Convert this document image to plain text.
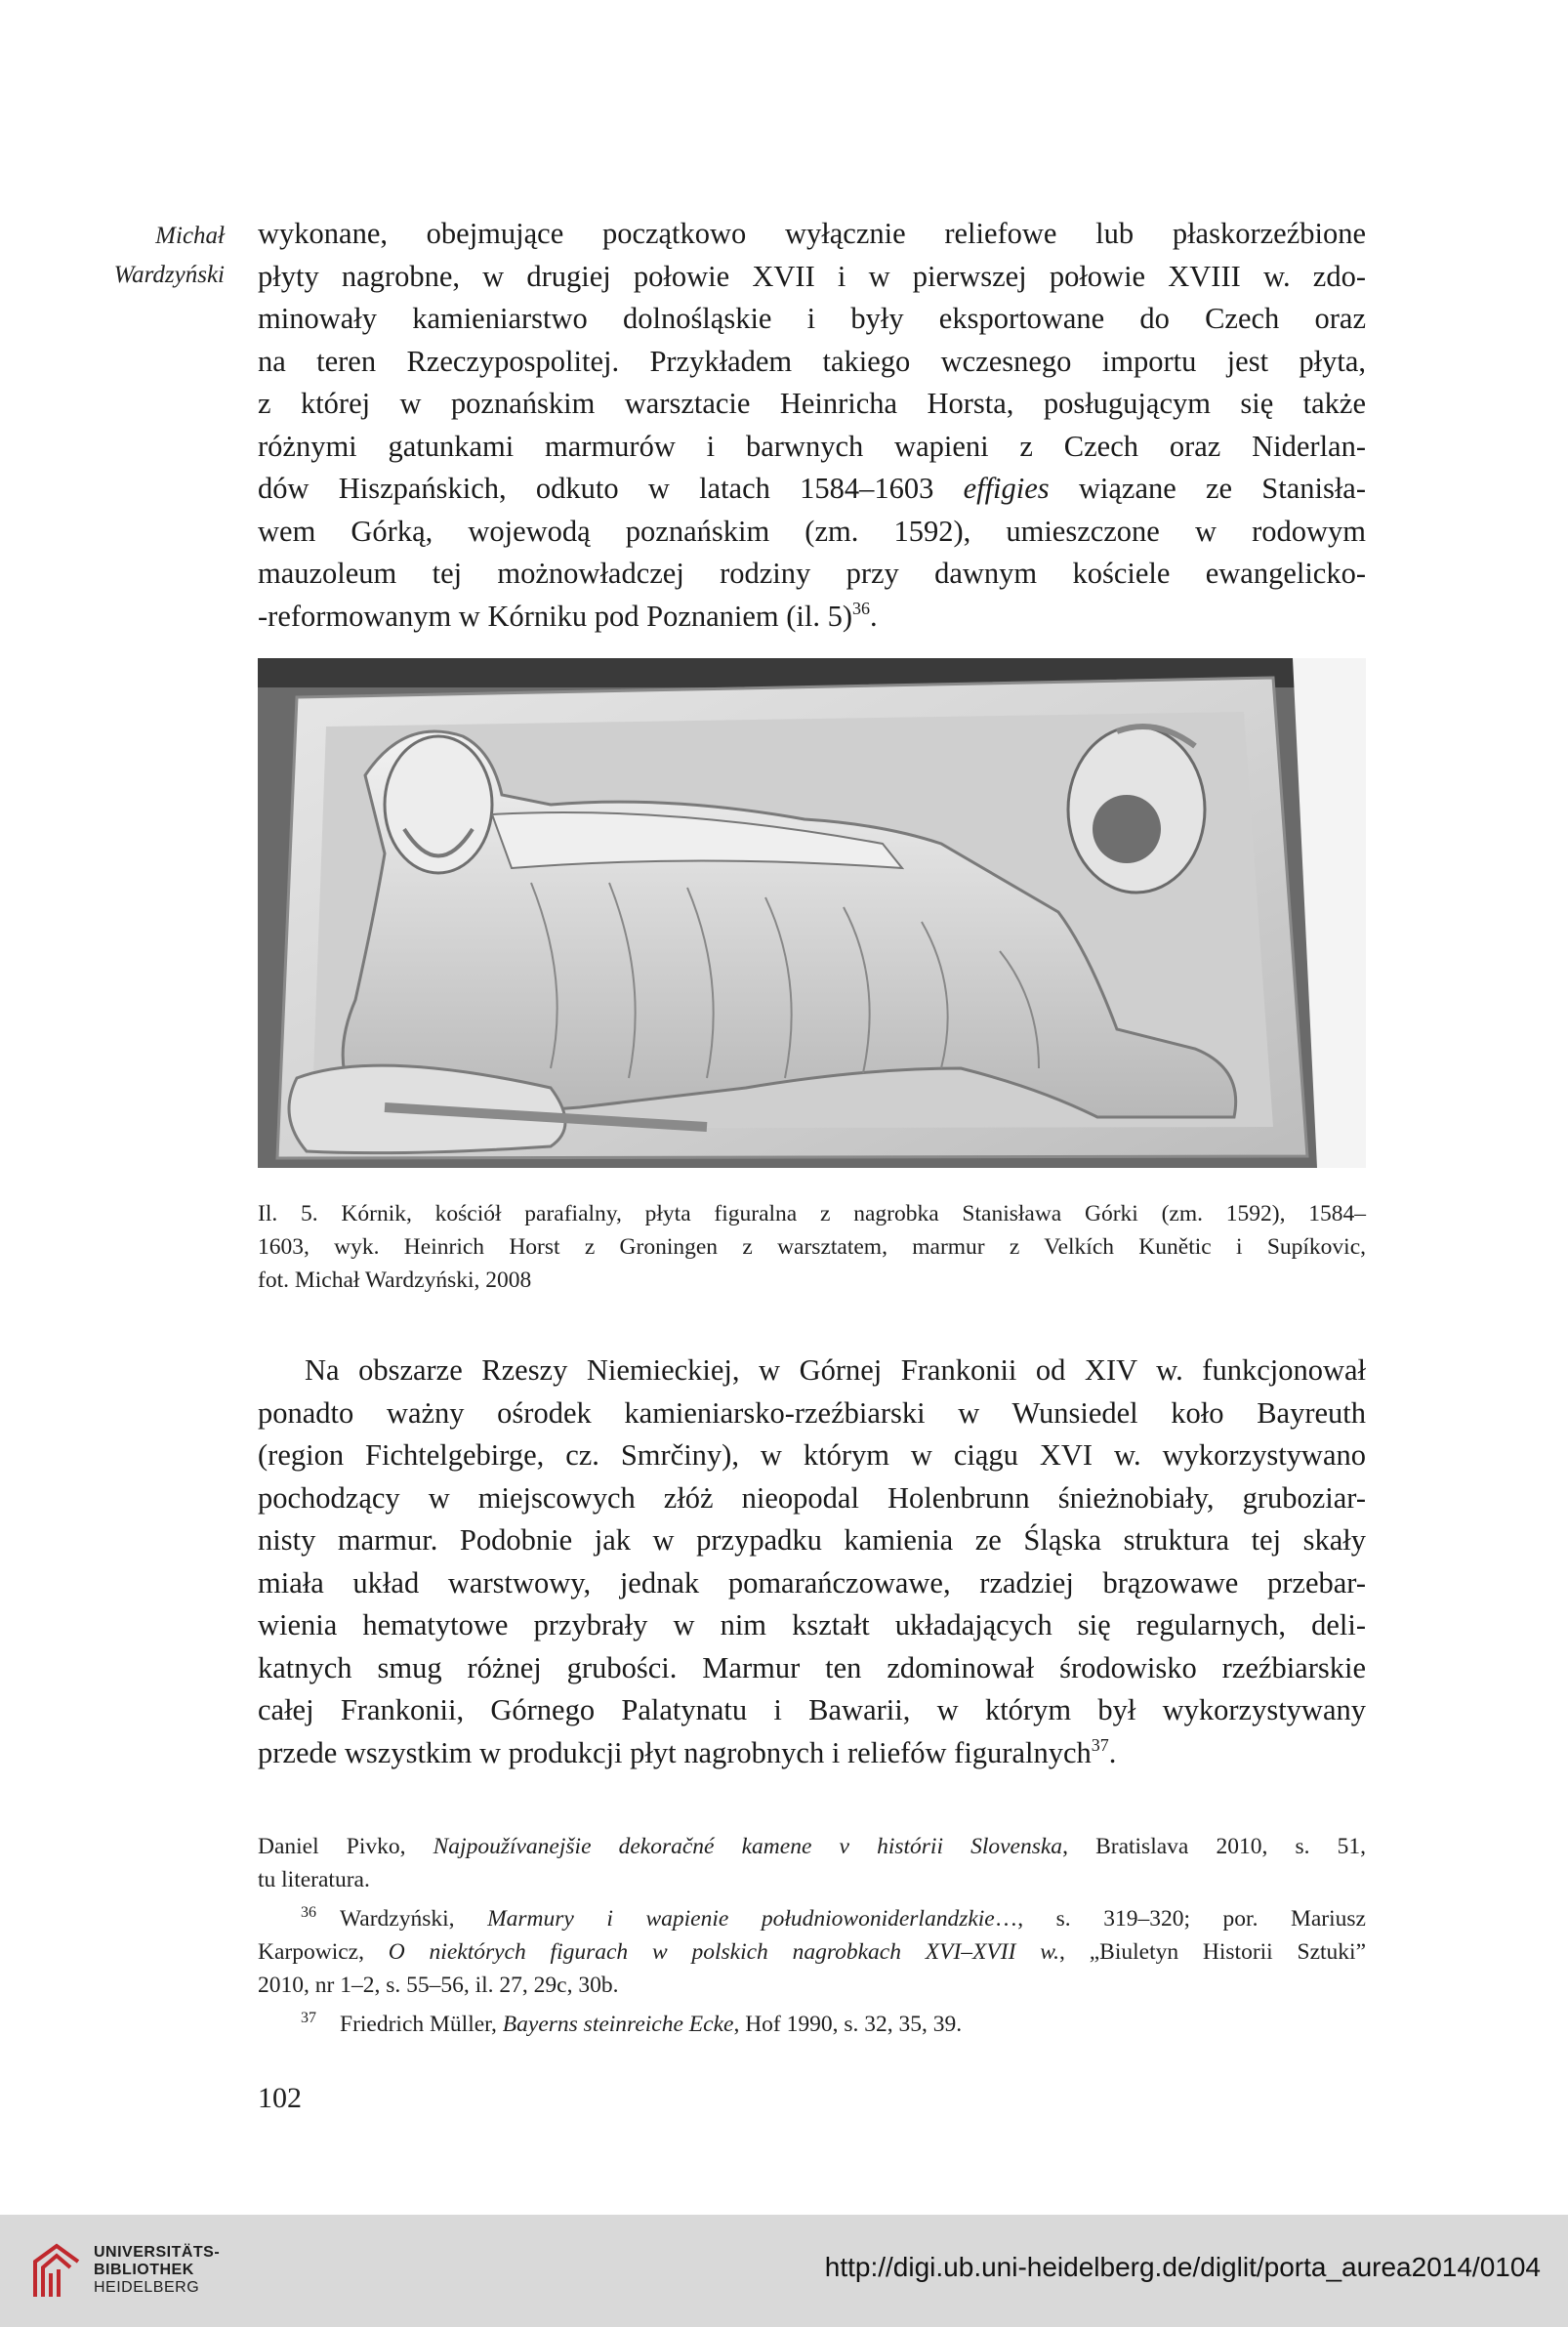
Michał
Wardzyński
wykonane, obejmujące początkowo wyłącznie reliefowe lub płaskorzeźbione
płyty nagrobne, w drugiej połowie XVII i w pierwszej połowie XVIII w. zdo-
minowały kamieniarstwo dolnośląskie i były eksportowane do Czech oraz
na teren Rzeczypospolitej. Przykładem takiego wczesnego importu jest płyta,
z której w poznańskim warsztacie Heinricha Horsta, posługującym się także
różnymi gatunkami marmurów i barwnych wapieni z Czech oraz Niderlan-
dów Hiszpańskich, odkuto w latach 1584–1603 effigies wiązane ze Stanisła-
wem Górką, wojewodą poznańskim (zm. 1592), umieszczone w rodowym
mauzoleum tej możnowładczej rodziny przy dawnym kościele ewangelicko-
-reformowanym w Kórniku pod Poznaniem (il. 5)$^{36}$.
Il. 5. Kórnik, kościół parafialny, płyta figuralna z nagrobka Stanisława Górki (zm. 1592), 1584–
1603, wyk. Heinrich Horst z Groningen z warsztatem, marmur z Velkích Kunětic i Supíkovic,
fot. Michał Wardzyński, 2008
Na obszarze Rzeszy Niemieckiej, w Górnej Frankonii od XIV w. funkcjonował
ponadto ważny ośrodek kamieniarsko-rzeźbiarski w Wunsiedel koło Bayreuth
(region Fichtelgebirge, cz. Smrčiny), w którym w ciągu XVI w. wykorzystywano
pochodzący w miejscowych złóż nieopodal Holenbrunn śnieżnobiały, gruboziar-
nisty marmur. Podobnie jak w przypadku kamienia ze Śląska struktura tej skały
miała układ warstwowy, jednak pomarańczowawe, rzadziej brązowawe przebar-
wienia hematytowe przybrały w nim kształt układających się regularnych, deli-
katnych smug różnej grubości. Marmur ten zdominował środowisko rzeźbiarskie
całej Frankonii, Górnego Palatynatu i Bawarii, w którym był wykorzystywany
przede wszystkim w produkcji płyt nagrobnych i reliefów figuralnych$^{37}$.
Daniel Pivko, Najpoužívanejšie dekoračné kamene v histórii Slovenska, Bratislava 2010, s. 51,
tu literatura.
36 Wardzyński, Marmury i wapienie południowoniderlandzkie…, s. 319–320; por. Mariusz
Karpowicz, O niektórych figurach w polskich nagrobkach XVI–XVII w., „Biuletyn Historii Sztuki”
2010, nr 1–2, s. 55–56, il. 27, 29c, 30b.
37 Friedrich Müller, Bayerns steinreiche Ecke, Hof 1990, s. 32, 35, 39.
102
UNIVERSITÄTS-
BIBLIOTHEK
HEIDELBERG
http://digi.ub.uni-heidelberg.de/diglit/porta_aurea2014/0104
